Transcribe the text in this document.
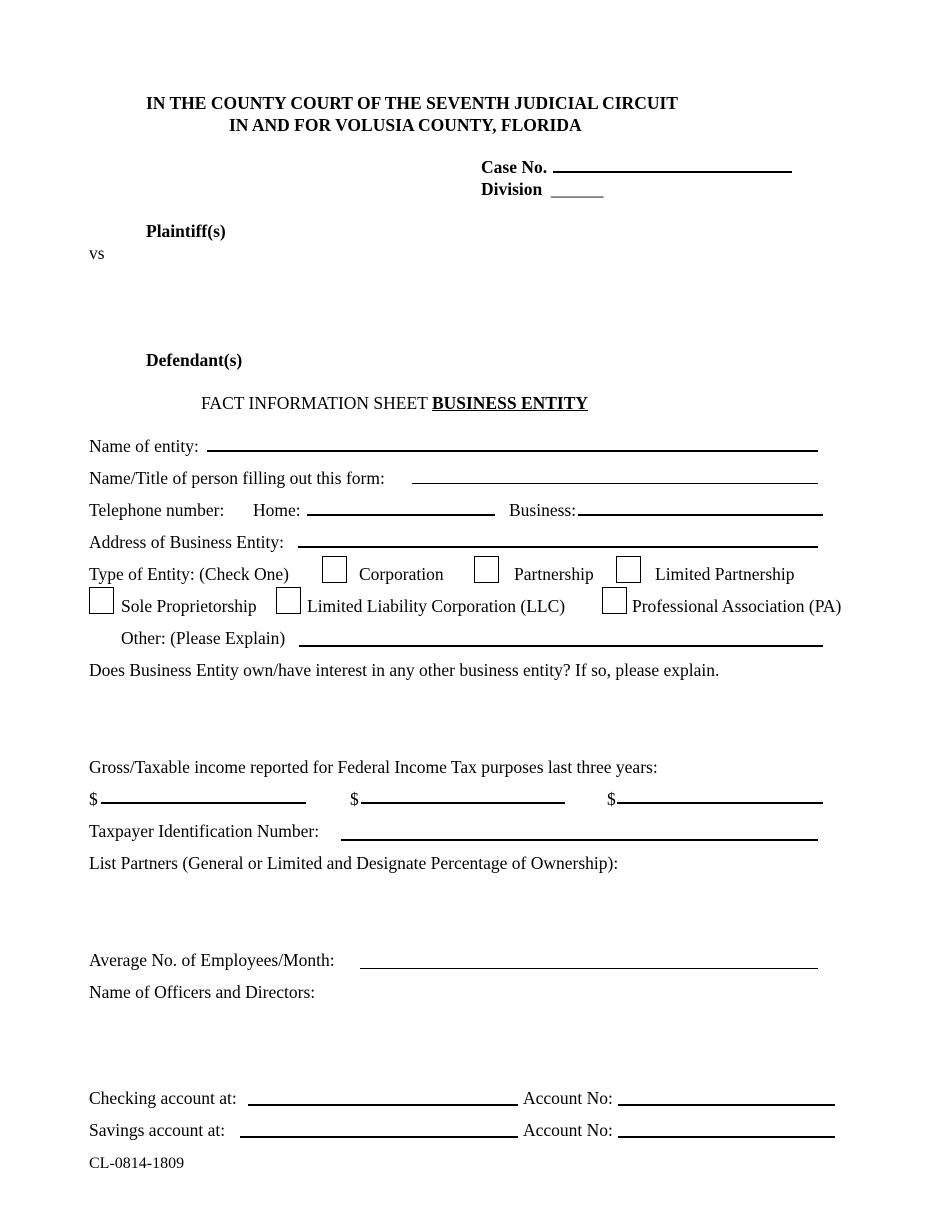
IN THE COUNTY COURT OF THE SEVENTH JUDICIAL CIRCUIT
IN AND FOR VOLUSIA COUNTY, FLORIDA
Case No.
Division ______
Plaintiff(s)
vs
Defendant(s)
FACT INFORMATION SHEET BUSINESS ENTITY
Name of entity:
Name/Title of person filling out this form:
Telephone number: Home:	Business:
Address of Business Entity:
Type of Entity: (Check One)	Corporation	Partnership	Limited Partnership
Sole Proprietorship	Limited Liability Corporation (LLC)	Professional Association (PA)
Other: (Please Explain)
Does Business Entity own/have interest in any other business entity? If so, please explain.
Gross/Taxable income reported for Federal Income Tax purposes last three years:
$	$	$
Taxpayer Identification Number:
List Partners (General or Limited and Designate Percentage of Ownership):
Average No. of Employees/Month:
Name of Officers and Directors:
Checking account at:	Account No:
Savings account at:	Account No:
CL-0814-1809
